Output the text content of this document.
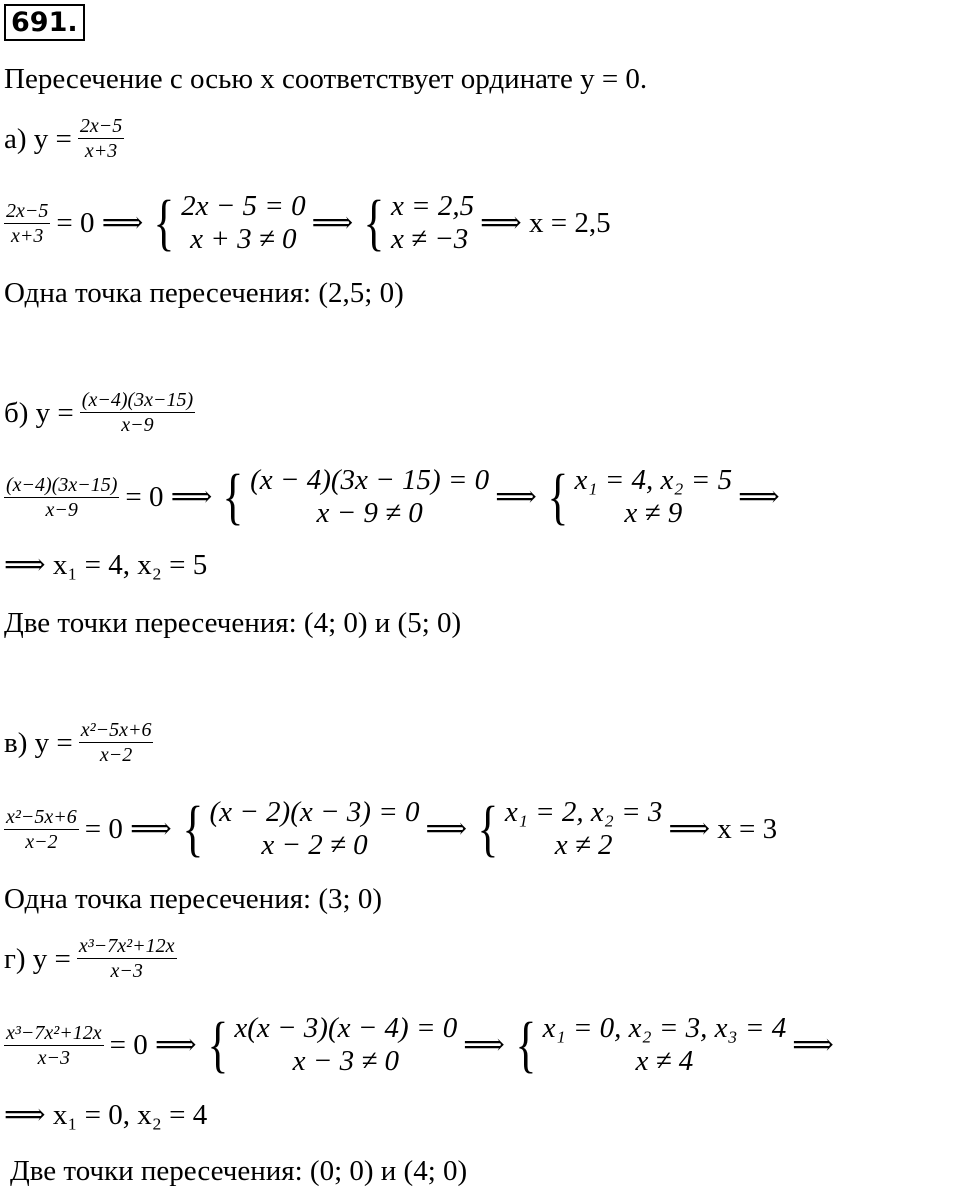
691.
Пересечение с осью x соответствует ординате y = 0.
а) $y = \frac{2x-5}{x+3}$
$\frac{2x-5}{x+3} = 0$ ⟹ { 2x − 5 = 0
x + 3 ≠ 0 ⟹ { x = 2,5
x ≠ −3 ⟹ x = 2,5
Одна точка пересечения: (2,5; 0)
б) $y = \frac{(x-4)(3x-15)}{x-9}$
$\frac{(x-4)(3x-15)}{x-9} = 0$ ⟹ { (x − 4)(3x − 15) = 0
x − 9 ≠ 0 ⟹ { x₁ = 4, x₂ = 5
x ≠ 9 ⟹
⟹ x₁ = 4, x₂ = 5
Две точки пересечения: (4; 0) и (5; 0)
в) $y = \frac{\text{x²−5x+6}}{x-2}$
$\frac{\text{x²−5x+6}}{x-2} = 0$ ⟹ { (x − 2)(x − 3) = 0
x − 2 ≠ 0 ⟹ { x₁ = 2, x₂ = 3
x ≠ 2 ⟹ x = 3
Одна точка пересечения: (3; 0)
г) $y = \frac{\text{x³−7x²+12x}}{x-3}$
$\frac{\text{x³−7x²+12x}}{x-3} = 0$ ⟹ { x(x − 3)(x − 4) = 0
x − 3 ≠ 0 ⟹ { x₁ = 0, x₂ = 3, x₃ = 4
x ≠ 4	⟹
⟹ x₁ = 0, x₂ = 4
Две точки пересечения: (0; 0) и (4; 0)
